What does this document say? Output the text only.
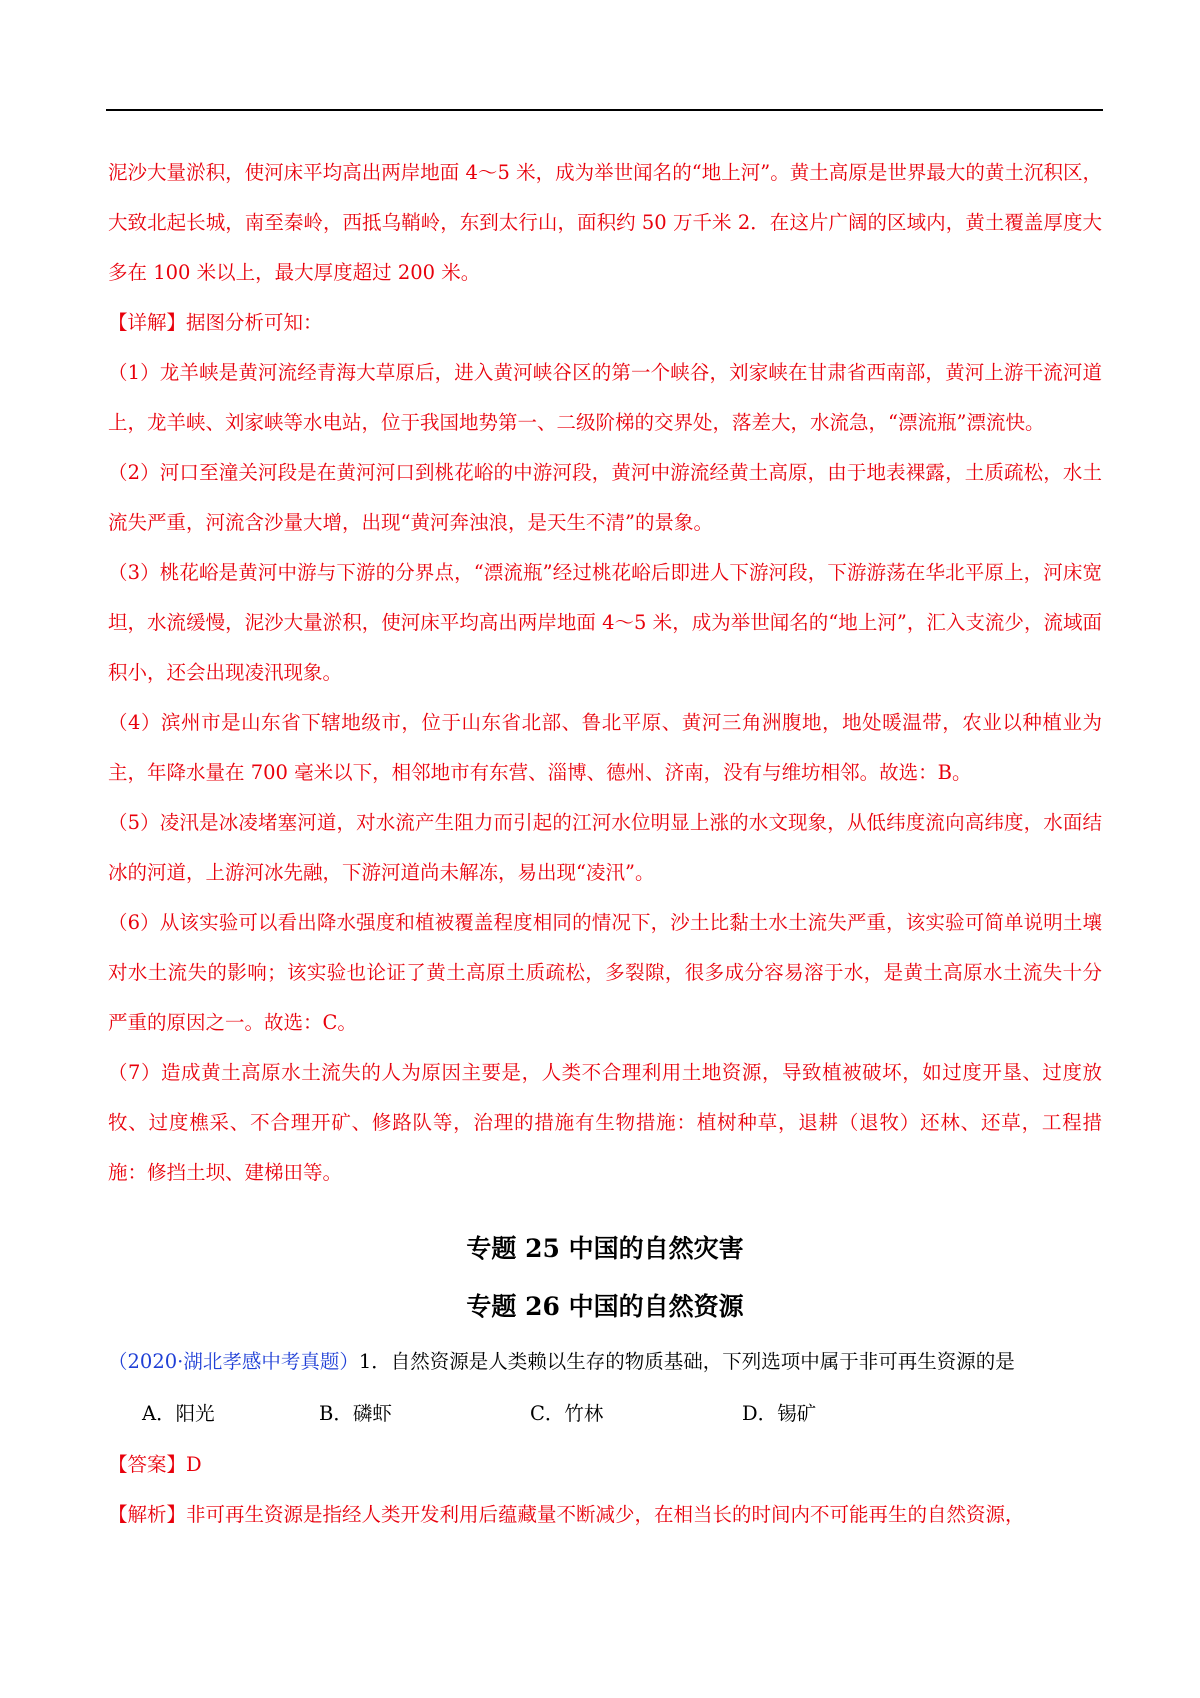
泥沙大量淤积，使河床平均高出两岸地面 4～5 米，成为举世闻名的“地上河”。黄土高原是世界最大的黄土沉积区，大致北起长城，南至秦岭，西抵乌鞘岭，东到太行山，面积约 50 万千米 2．在这片广阔的区域内，黄土覆盖厚度大多在 100 米以上，最大厚度超过 200 米。

【详解】据图分析可知：

（1）龙羊峡是黄河流经青海大草原后，进入黄河峡谷区的第一个峡谷，刘家峡在甘肃省西南部，黄河上游干流河道上，龙羊峡、刘家峡等水电站，位于我国地势第一、二级阶梯的交界处，落差大，水流急，“漂流瓶”漂流快。

（2）河口至潼关河段是在黄河河口到桃花峪的中游河段，黄河中游流经黄土高原，由于地表裸露，土质疏松，水土流失严重，河流含沙量大增，出现“黄河奔浊浪，是天生不清”的景象。

（3）桃花峪是黄河中游与下游的分界点，“漂流瓶”经过桃花峪后即进人下游河段，下游游荡在华北平原上，河床宽坦，水流缓慢，泥沙大量淤积，使河床平均高出两岸地面 4～5 米，成为举世闻名的“地上河”，汇入支流少，流域面积小，还会出现凌汛现象。

（4）滨州市是山东省下辖地级市，位于山东省北部、鲁北平原、黄河三角洲腹地，地处暖温带，农业以种植业为主，年降水量在 700 毫米以下，相邻地市有东营、淄博、德州、济南，没有与维坊相邻。故选：B。

（5）凌汛是冰凌堵塞河道，对水流产生阻力而引起的江河水位明显上涨的水文现象，从低纬度流向高纬度，水面结冰的河道，上游河冰先融，下游河道尚未解冻，易出现“凌汛”。

（6）从该实验可以看出降水强度和植被覆盖程度相同的情况下，沙土比黏土水土流失严重，该实验可简单说明土壤对水土流失的影响；该实验也论证了黄土高原土质疏松，多裂隙，很多成分容易溶于水，是黄土高原水土流失十分严重的原因之一。故选：C。

（7）造成黄土高原水土流失的人为原因主要是，人类不合理利用土地资源，导致植被破坏，如过度开垦、过度放牧、过度樵采、不合理开矿、修路队等，治理的措施有生物措施：植树种草，退耕（退牧）还林、还草，工程措施：修挡土坝、建梯田等。

专题 25 中国的自然灾害
专题 26 中国的自然资源

（2020·湖北孝感中考真题）1．自然资源是人类赖以生存的物质基础，下列选项中属于非可再生资源的是

A．阳光	B．磷虾	C．竹林	D．锡矿

【答案】D

【解析】非可再生资源是指经人类开发利用后蕴藏量不断减少，在相当长的时间内不可能再生的自然资源，
